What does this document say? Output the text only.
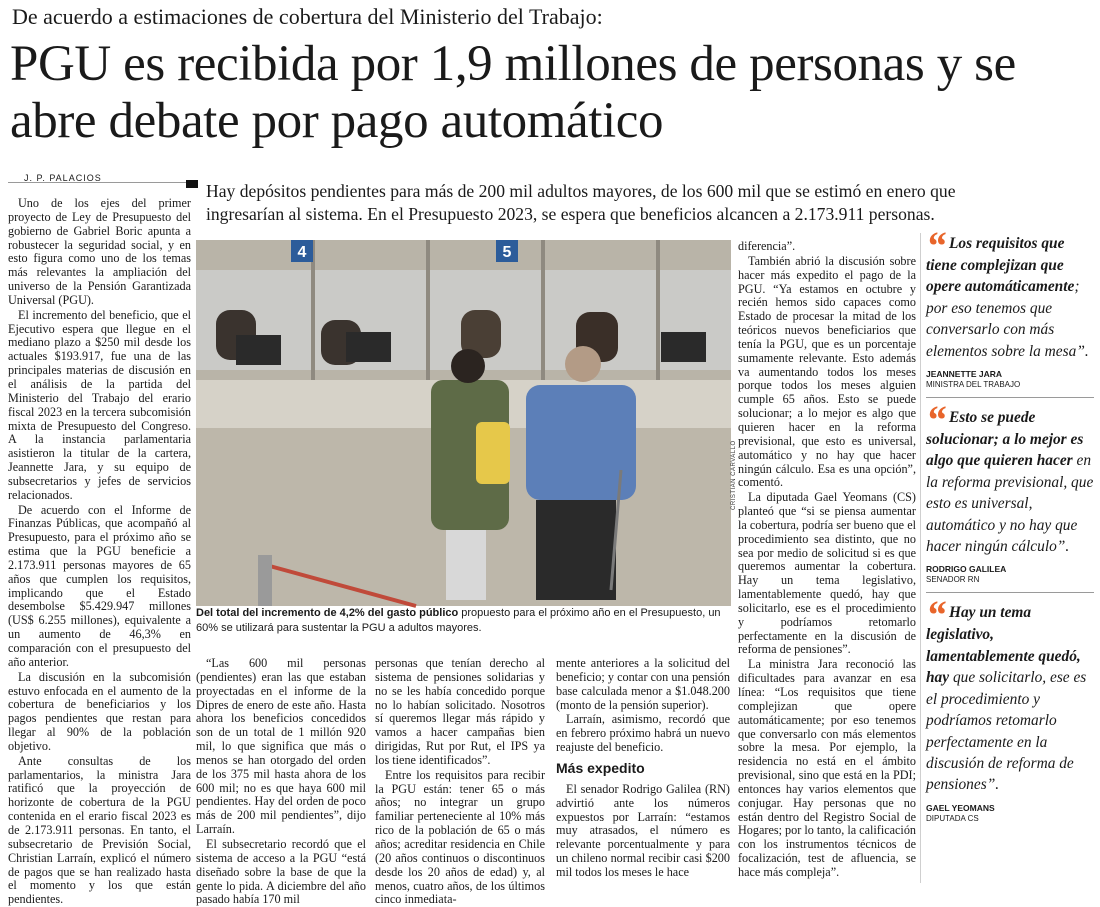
De acuerdo a estimaciones de cobertura del Ministerio del Trabajo:
PGU es recibida por 1,9 millones de personas y se abre debate por pago automático
J. P. PALACIOS
Hay depósitos pendientes para más de 200 mil adultos mayores, de los 600 mil que se estimó en enero que
ingresarían al sistema. En el Presupuesto 2023, se espera que beneficios alcancen a 2.173.911 personas.

Uno de los ejes del primer proyecto de Ley de Presupuesto del gobierno de Gabriel Boric apunta a robustecer la seguridad social, y en esto figura como uno de los temas más relevantes la ampliación del universo de la Pensión Garantizada Universal (PGU).

El incremento del beneficio, que el Ejecutivo espera que llegue en el mediano plazo a $250 mil desde los actuales $193.917, fue una de las principales materias de discusión en el análisis de la partida del Ministerio del Trabajo del erario fiscal 2023 en la tercera subcomisión mixta de Presupuesto del Congreso. A la instancia parlamentaria asistieron la titular de la cartera, Jeannette Jara, y su equipo de subsecretarios y jefes de servicios relacionados.

De acuerdo con el Informe de Finanzas Públicas, que acompañó al Presupuesto, para el próximo año se estima que la PGU beneficie a 2.173.911 personas mayores de 65 años que cumplen los requisitos, implicando que el Estado desembolse $5.429.947 millones (US$ 6.255 millones), equivalente a un aumento de 46,3% en comparación con el presupuesto del año anterior.

La discusión en la subcomisión estuvo enfocada en el aumento de la cobertura de beneficiarios y los pagos pendientes que restan para llegar al 90% de la población objetivo.

Ante consultas de los parlamentarios, la ministra Jara ratificó que la proyección de horizonte de cobertura de la PGU contenida en el erario fiscal 2023 es de 2.173.911 personas. En tanto, el subsecretario de Previsión Social, Christian Larraín, explicó el número de pagos que se han realizado hasta el momento y los que están pendientes.

4	5
CRISTIAN CARVALLO
Del total del incremento de 4,2% del gasto público propuesto para el próximo año en el Presupuesto, un 60% se utilizará para sustentar la PGU a adultos mayores.

“Las 600 mil personas (pendientes) eran las que estaban proyectadas en el informe de la Dipres de enero de este año. Hasta ahora los beneficios concedidos son de un total de 1 millón 920 mil, lo que significa que más o menos se han otorgado del orden de los 375 mil hasta ahora de los 600 mil; no es que haya 600 mil pendientes. Hay del orden de poco más de 200 mil pendientes”, dijo Larraín.

El subsecretario recordó que el sistema de acceso a la PGU “está diseñado sobre la base de que la gente lo pida. A diciembre del año pasado había 170 mil

personas que tenían derecho al sistema de pensiones solidarias y no se les había concedido porque no lo habían solicitado. Nosotros sí queremos llegar más rápido y vamos a hacer campañas bien dirigidas, Rut por Rut, el IPS ya los tiene identificados”.

Entre los requisitos para recibir la PGU están: tener 65 o más años; no integrar un grupo familiar perteneciente al 10% más rico de la población de 65 o más años; acreditar residencia en Chile (20 años continuos o discontinuos desde los 20 años de edad) y, al menos, cuatro años, de los últimos cinco inmediata-

mente anteriores a la solicitud del beneficio; y contar con una pensión base calculada menor a $1.048.200 (monto de la pensión superior).

Larraín, asimismo, recordó que en febrero próximo habrá un nuevo reajuste del beneficio.

Más expedito

El senador Rodrigo Galilea (RN) advirtió ante los números expuestos por Larraín: “estamos muy atrasados, el número es relevante porcentualmente y para un chileno normal recibir casi $200 mil todos los meses le hace

diferencia”.

También abrió la discusión sobre hacer más expedito el pago de la PGU. “Ya estamos en octubre y recién hemos sido capaces como Estado de procesar la mitad de los teóricos nuevos beneficiarios que tenía la PGU, que es un porcentaje sumamente relevante. Esto además va aumentando todos los meses porque todos los meses alguien cumple 65 años. Esto se puede solucionar; a lo mejor es algo que quieren hacer en la reforma previsional, que esto es universal, automático y no hay que hacer ningún cálculo. Esa es una opción”, comentó.

La diputada Gael Yeomans (CS) planteó que “si se piensa aumentar la cobertura, podría ser bueno que el procedimiento sea distinto, que no sea por medio de solicitud si es que queremos aumentar la cobertura. Hay un tema legislativo, lamentablemente quedó, hay que solicitarlo, ese es el procedimiento y podríamos retomarlo perfectamente en la discusión de reforma de pensiones”.

La ministra Jara reconoció las dificultades para avanzar en esa línea: “Los requisitos que tiene complejizan que opere automáticamente; por eso tenemos que conversarlo con más elementos sobre la mesa. Por ejemplo, la residencia no está en el ámbito previsional, sino que está en la PDI; entonces hay varios elementos que conjugar. Hay personas que no están dentro del Registro Social de Hogares; por lo tanto, la calificación con los instrumentos técnicos de focalización, test de afluencia, se hace más compleja”.

“ Los requisitos que tiene complejizan que opere automáticamente; por eso tenemos que conversarlo con más elementos sobre la mesa”.
JEANNETTE JARA
MINISTRA DEL TRABAJO
“ Esto se puede solucionar; a lo mejor es algo que quieren hacer en la reforma previsional, que esto es universal, automático y no hay que hacer ningún cálculo”.
RODRIGO GALILEA
SENADOR RN
“ Hay un tema legislativo, lamentablemente quedó, hay que solicitarlo, ese es el procedimiento y podríamos retomarlo perfectamente en la discusión de reforma de pensiones”.
GAEL YEOMANS
DIPUTADA CS
